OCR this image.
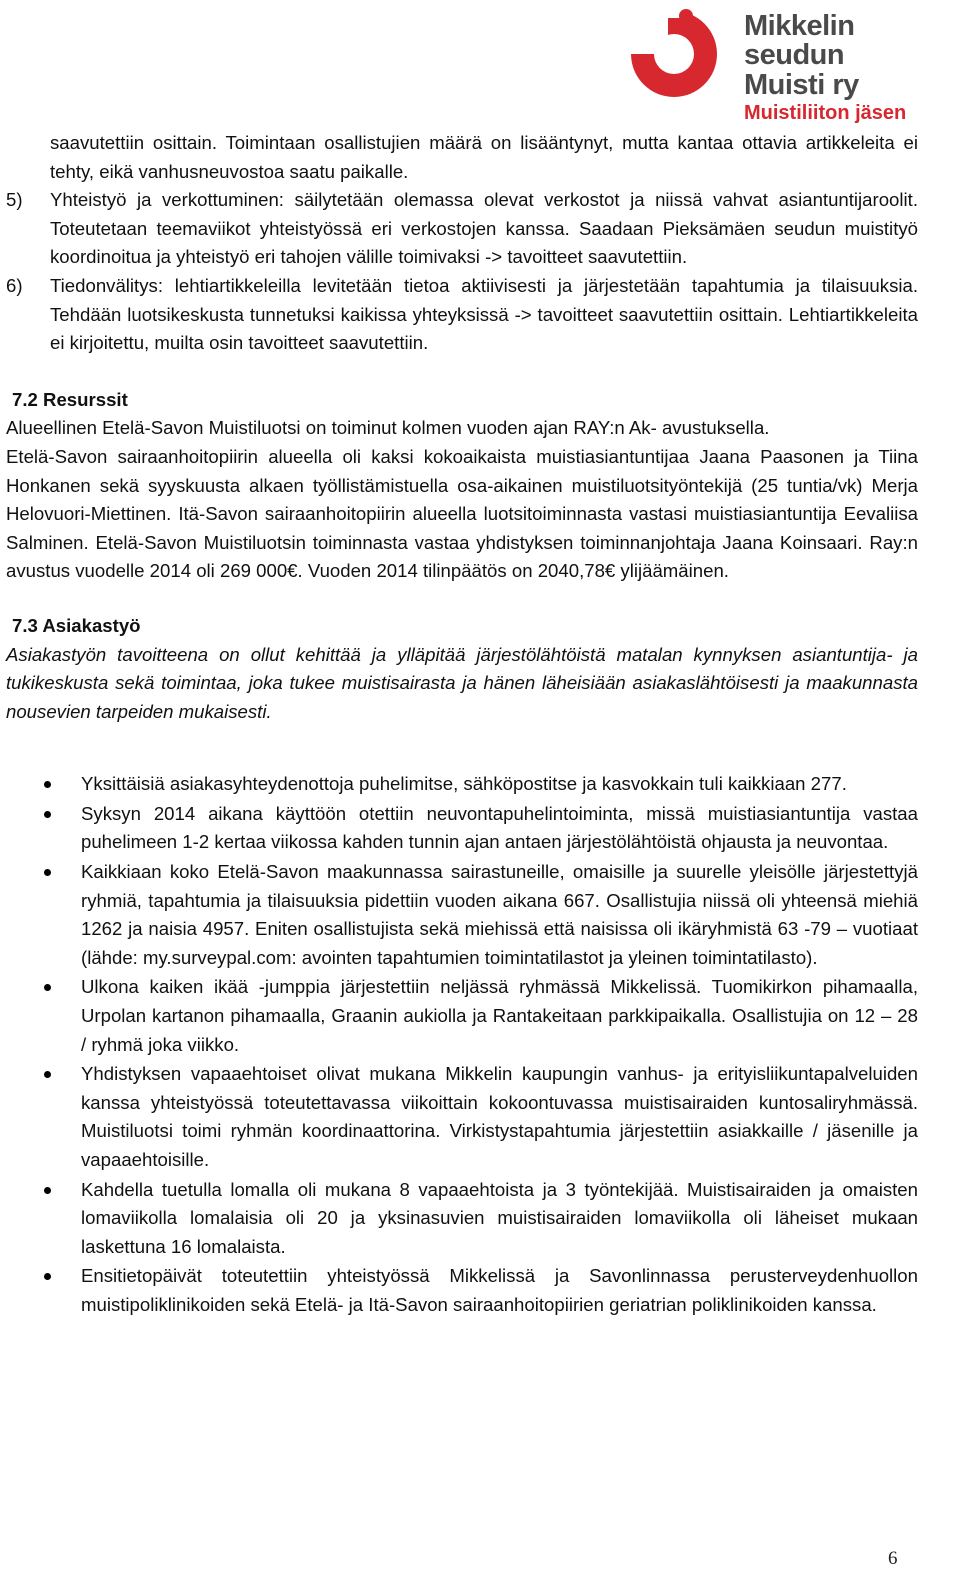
Mikkelin seudun
Muisti ry
Muistiliiton jäsen

saavutettiin osittain. Toimintaan osallistujien määrä on lisääntynyt, mutta kantaa ottavia artikkeleita ei tehty, eikä vanhusneuvostoa saatu paikalle.

5) Yhteistyö ja verkottuminen: säilytetään olemassa olevat verkostot ja niissä vahvat asiantuntijaroolit. Toteutetaan teemaviikot yhteistyössä eri verkostojen kanssa. Saadaan Pieksämäen seudun muistityö koordinoitua ja yhteistyö eri tahojen välille toimivaksi -> tavoitteet saavutettiin.
6) Tiedonvälitys: lehtiartikkeleilla levitetään tietoa aktiivisesti ja järjestetään tapahtumia ja tilaisuuksia. Tehdään luotsikeskusta tunnetuksi kaikissa yhteyksissä -> tavoitteet saavutettiin osittain. Lehtiartikkeleita ei kirjoitettu, muilta osin tavoitteet saavutettiin.

7.2 Resurssit

Alueellinen Etelä-Savon Muistiluotsi on toiminut kolmen vuoden ajan RAY:n Ak- avustuksella.

Etelä-Savon sairaanhoitopiirin alueella oli kaksi kokoaikaista muistiasiantuntijaa Jaana Paasonen ja Tiina Honkanen sekä syyskuusta alkaen työllistämistuella osa-aikainen muistiluotsityöntekijä (25 tuntia/vk) Merja Helovuori-Miettinen. Itä-Savon sairaanhoitopiirin alueella luotsitoiminnasta vastasi muistiasiantuntija Eevaliisa Salminen. Etelä-Savon Muistiluotsin toiminnasta vastaa yhdistyksen toiminnanjohtaja Jaana Koinsaari. Ray:n avustus vuodelle 2014 oli 269 000€. Vuoden 2014 tilinpäätös on 2040,78€ ylijäämäinen.

7.3 Asiakastyö

Asiakastyön tavoitteena on ollut kehittää ja ylläpitää järjestölähtöistä matalan kynnyksen asiantuntija- ja tukikeskusta sekä toimintaa, joka tukee muistisairasta ja hänen läheisiään asiakaslähtöisesti ja maakunnasta nousevien tarpeiden mukaisesti.

Yksittäisiä asiakasyhteydenottoja puhelimitse, sähköpostitse ja kasvokkain tuli kaikkiaan 277.
Syksyn 2014 aikana käyttöön otettiin neuvontapuhelintoiminta, missä muistiasiantuntija vastaa puhelimeen 1-2 kertaa viikossa kahden tunnin ajan antaen järjestölähtöistä ohjausta ja neuvontaa.
Kaikkiaan koko Etelä-Savon maakunnassa sairastuneille, omaisille ja suurelle yleisölle järjestettyjä ryhmiä, tapahtumia ja tilaisuuksia pidettiin vuoden aikana 667. Osallistujia niissä oli yhteensä miehiä 1262 ja naisia 4957. Eniten osallistujista sekä miehissä että naisissa oli ikäryhmistä 63 -79 – vuotiaat (lähde: my.surveypal.com: avointen tapahtumien toimintatilastot ja yleinen toimintatilasto).
Ulkona kaiken ikää -jumppia järjestettiin neljässä ryhmässä Mikkelissä. Tuomikirkon pihamaalla, Urpolan kartanon pihamaalla, Graanin aukiolla ja Rantakeitaan parkkipaikalla. Osallistujia on 12 – 28 / ryhmä joka viikko.
Yhdistyksen vapaaehtoiset olivat mukana Mikkelin kaupungin vanhus- ja erityisliikuntapalveluiden kanssa yhteistyössä toteutettavassa viikoittain kokoontuvassa muistisairaiden kuntosaliryhmässä. Muistiluotsi toimi ryhmän koordinaattorina. Virkistystapahtumia järjestettiin asiakkaille / jäsenille ja vapaaehtoisille.
Kahdella tuetulla lomalla oli mukana 8 vapaaehtoista ja 3 työntekijää. Muistisairaiden ja omaisten lomaviikolla lomalaisia oli 20 ja yksinasuvien muistisairaiden lomaviikolla oli läheiset mukaan laskettuna 16 lomalaista.
Ensitietopäivät toteutettiin yhteistyössä Mikkelissä ja Savonlinnassa perusterveydenhuollon muistipoliklinikoiden sekä Etelä- ja Itä-Savon sairaanhoitopiirien geriatrian poliklinikoiden kanssa.
6
